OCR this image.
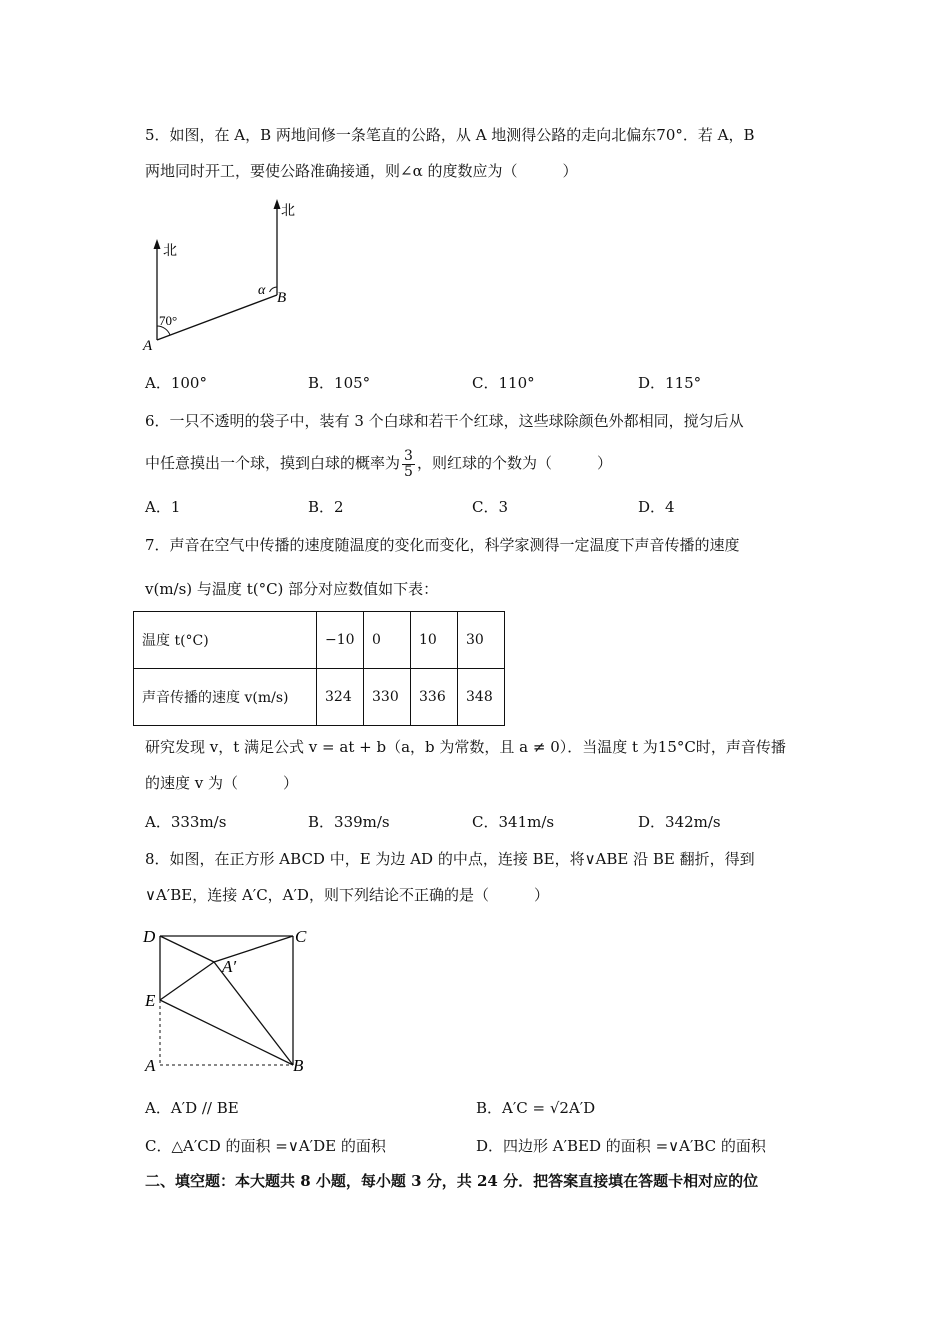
5．如图，在 A，B 两地间修一条笔直的公路，从 A 地测得公路的走向北偏东70°．若 A，B
两地同时开工，要使公路准确接通，则∠α 的度数应为（　　　）
北
北
70°
α
A
B
A．100°	B．105°	C．110°	D．115°
6．一只不透明的袋子中，装有 3 个白球和若干个红球，这些球除颜色外都相同，搅匀后从
中任意摸出一个球，摸到白球的概率为 $\frac{3}{5}$ ，则红球的个数为（　　　）
A．1	B．2	C．3	D．4
7．声音在空气中传播的速度随温度的变化而变化，科学家测得一定温度下声音传播的速度
v(m/s) 与温度 t(°C) 部分对应数值如下表：
温度 t(°C)	−10	0	10	30
声音传播的速度 v(m/s)	324	330	336	348
研究发现 v，t 满足公式 v = at + b（a，b 为常数，且 a ≠ 0）．当温度 t 为15°C时，声音传播
的速度 v 为（　　　）
A．333m/s	B．339m/s	C．341m/s	D．342m/s
8．如图，在正方形 ABCD 中，E 为边 AD 的中点，连接 BE，将∨ABE 沿 BE 翻折，得到
∨A′BE，连接 A′C，A′D，则下列结论不正确的是（　　　）
D	C
A′
E
A	B
A．A′D // BE	B．A′C = √2A′D
C．△A′CD 的面积 =∨A′DE 的面积	D．四边形 A′BED 的面积 =∨A′BC 的面积
二、填空题：本大题共 8 小题，每小题 3 分，共 24 分．把答案直接填在答题卡相对应的位
